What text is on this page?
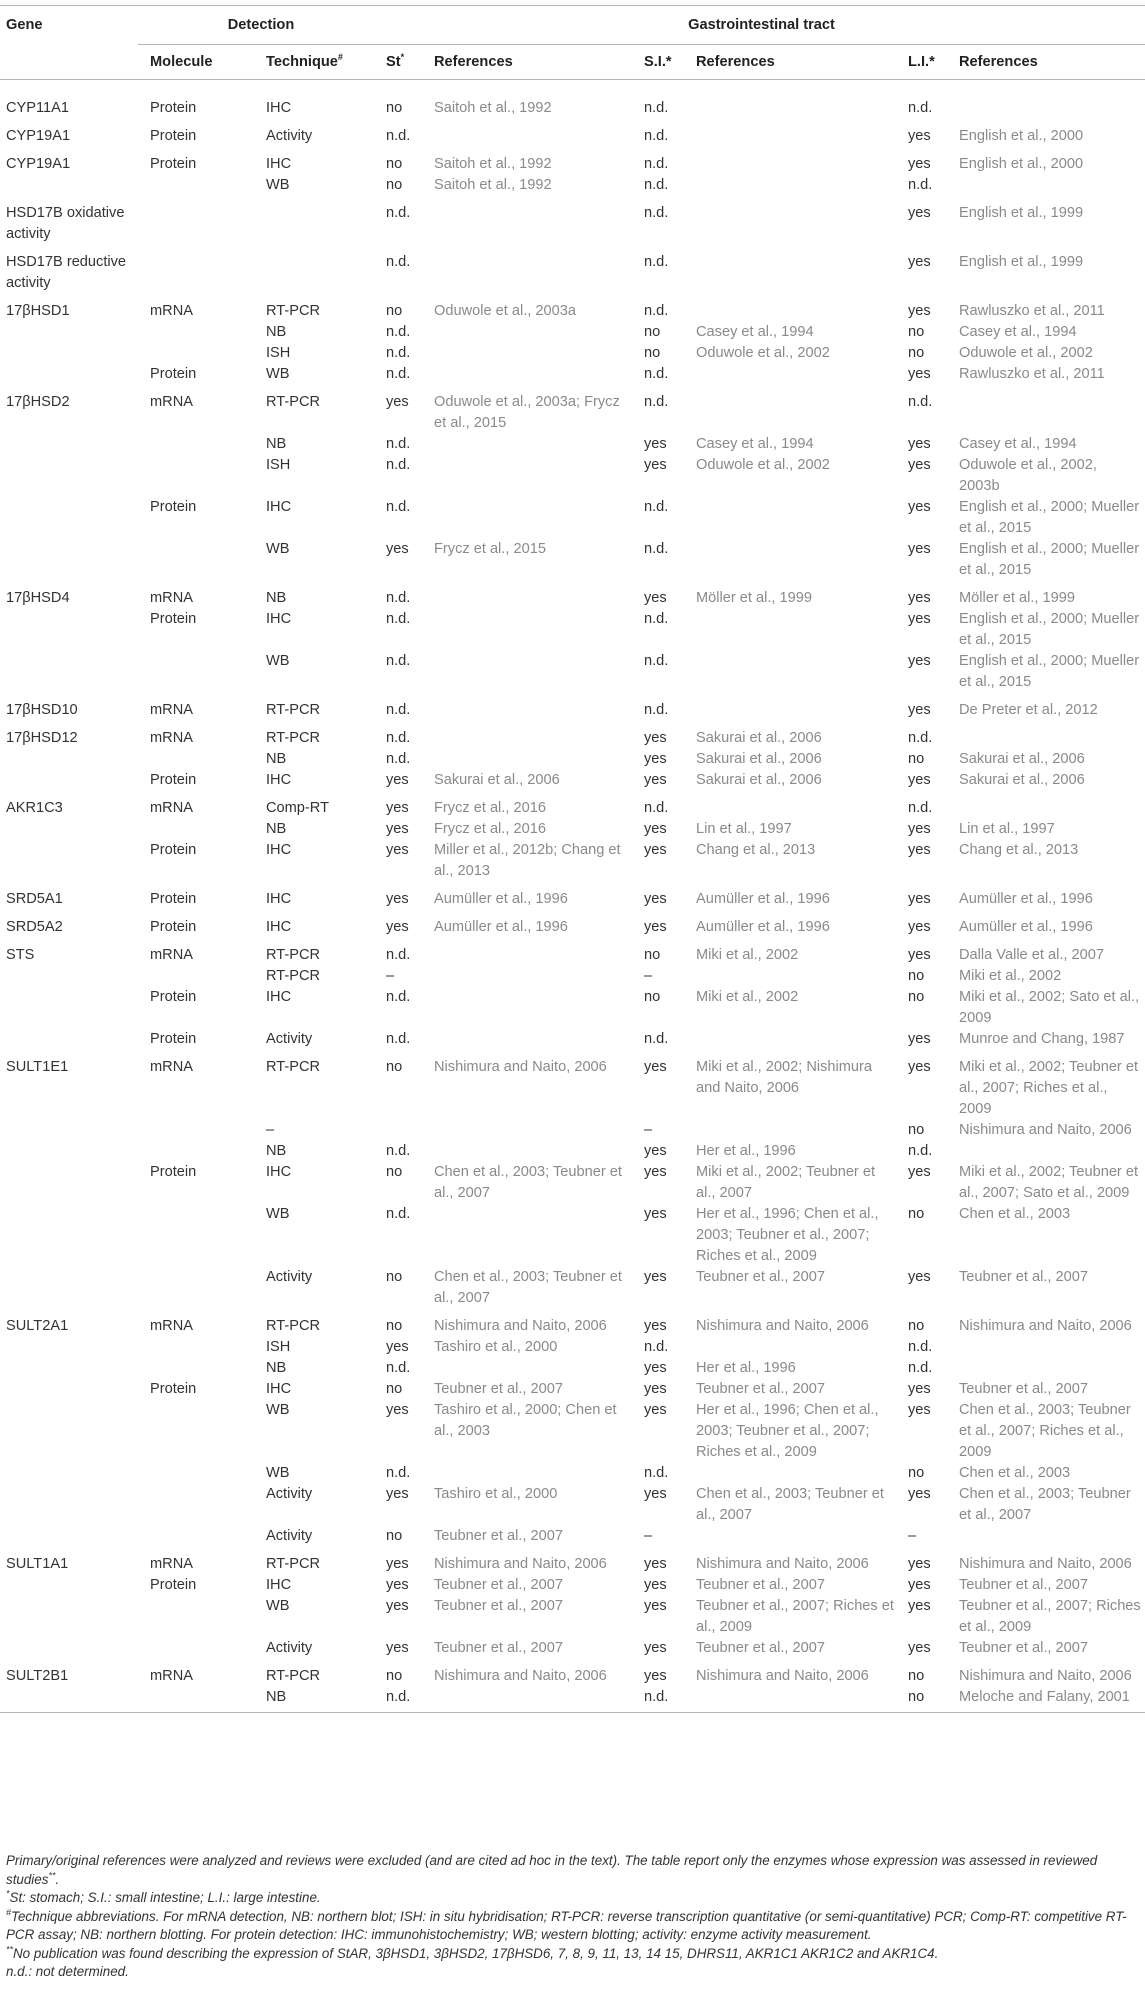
Gene	Detection		Gastrointestinal tract					

	Molecule	Technique#	St*	References	S.I.*	References	L.I.*	References
CYP11A1	Protein	IHC	no	Saitoh et al., 1992	n.d.		n.d.	
CYP19A1	Protein	Activity	n.d.		n.d.		yes	English et al., 2000
CYP19A1	Protein	IHC	no	Saitoh et al., 1992	n.d.		yes	English et al., 2000
		WB	no	Saitoh et al., 1992	n.d.		n.d.	
HSD17B oxidative activity			n.d.		n.d.		yes	English et al., 1999
HSD17B reductive activity			n.d.		n.d.		yes	English et al., 1999
17βHSD1	mRNA	RT-PCR	no	Oduwole et al., 2003a	n.d.		yes	Rawluszko et al., 2011
		NB	n.d.		no	Casey et al., 1994	no	Casey et al., 1994
		ISH	n.d.		no	Oduwole et al., 2002	no	Oduwole et al., 2002
	Protein	WB	n.d.		n.d.		yes	Rawluszko et al., 2011
17βHSD2	mRNA	RT-PCR	yes	Oduwole et al., 2003a; Frycz et al., 2015	n.d.		n.d.	
		NB	n.d.		yes	Casey et al., 1994	yes	Casey et al., 1994
		ISH	n.d.		yes	Oduwole et al., 2002	yes	Oduwole et al., 2002, 2003b
	Protein	IHC	n.d.		n.d.		yes	English et al., 2000; Mueller et al., 2015
		WB	yes	Frycz et al., 2015	n.d.		yes	English et al., 2000; Mueller et al., 2015
17βHSD4	mRNA	NB	n.d.		yes	Möller et al., 1999	yes	Möller et al., 1999
	Protein	IHC	n.d.		n.d.		yes	English et al., 2000; Mueller et al., 2015
		WB	n.d.		n.d.		yes	English et al., 2000; Mueller et al., 2015
17βHSD10	mRNA	RT-PCR	n.d.		n.d.		yes	De Preter et al., 2012
17βHSD12	mRNA	RT-PCR	n.d.		yes	Sakurai et al., 2006	n.d.	
		NB	n.d.		yes	Sakurai et al., 2006	no	Sakurai et al., 2006
	Protein	IHC	yes	Sakurai et al., 2006	yes	Sakurai et al., 2006	yes	Sakurai et al., 2006
AKR1C3	mRNA	Comp-RT	yes	Frycz et al., 2016	n.d.		n.d.	
		NB	yes	Frycz et al., 2016	yes	Lin et al., 1997	yes	Lin et al., 1997
	Protein	IHC	yes	Miller et al., 2012b; Chang et al., 2013	yes	Chang et al., 2013	yes	Chang et al., 2013
SRD5A1	Protein	IHC	yes	Aumüller et al., 1996	yes	Aumüller et al., 1996	yes	Aumüller et al., 1996
SRD5A2	Protein	IHC	yes	Aumüller et al., 1996	yes	Aumüller et al., 1996	yes	Aumüller et al., 1996
STS	mRNA	RT-PCR	n.d.		no	Miki et al., 2002	yes	Dalla Valle et al., 2007
		RT-PCR	–		–		no	Miki et al., 2002
	Protein	IHC	n.d.		no	Miki et al., 2002	no	Miki et al., 2002; Sato et al., 2009
	Protein	Activity	n.d.		n.d.		yes	Munroe and Chang, 1987
SULT1E1	mRNA	RT-PCR	no	Nishimura and Naito, 2006	yes	Miki et al., 2002; Nishimura and Naito, 2006	yes	Miki et al., 2002; Teubner et al., 2007; Riches et al., 2009
		–			–		no	Nishimura and Naito, 2006
		NB	n.d.		yes	Her et al., 1996	n.d.	
	Protein	IHC	no	Chen et al., 2003; Teubner et al., 2007	yes	Miki et al., 2002; Teubner et al., 2007	yes	Miki et al., 2002; Teubner et al., 2007; Sato et al., 2009
		WB	n.d.		yes	Her et al., 1996; Chen et al., 2003; Teubner et al., 2007; Riches et al., 2009	no	Chen et al., 2003
		Activity	no	Chen et al., 2003; Teubner et al., 2007	yes	Teubner et al., 2007	yes	Teubner et al., 2007
SULT2A1	mRNA	RT-PCR	no	Nishimura and Naito, 2006	yes	Nishimura and Naito, 2006	no	Nishimura and Naito, 2006
		ISH	yes	Tashiro et al., 2000	n.d.		n.d.	
		NB	n.d.		yes	Her et al., 1996	n.d.	
	Protein	IHC	no	Teubner et al., 2007	yes	Teubner et al., 2007	yes	Teubner et al., 2007
		WB	yes	Tashiro et al., 2000; Chen et al., 2003	yes	Her et al., 1996; Chen et al., 2003; Teubner et al., 2007; Riches et al., 2009	yes	Chen et al., 2003; Teubner et al., 2007; Riches et al., 2009
		WB	n.d.		n.d.		no	Chen et al., 2003
		Activity	yes	Tashiro et al., 2000	yes	Chen et al., 2003; Teubner et al., 2007	yes	Chen et al., 2003; Teubner et al., 2007
		Activity	no	Teubner et al., 2007	–		–	
SULT1A1	mRNA	RT-PCR	yes	Nishimura and Naito, 2006	yes	Nishimura and Naito, 2006	yes	Nishimura and Naito, 2006
	Protein	IHC	yes	Teubner et al., 2007	yes	Teubner et al., 2007	yes	Teubner et al., 2007
		WB	yes	Teubner et al., 2007	yes	Teubner et al., 2007; Riches et al., 2009	yes	Teubner et al., 2007; Riches et al., 2009
		Activity	yes	Teubner et al., 2007	yes	Teubner et al., 2007	yes	Teubner et al., 2007
SULT2B1	mRNA	RT-PCR	no	Nishimura and Naito, 2006	yes	Nishimura and Naito, 2006	no	Nishimura and Naito, 2006
		NB	n.d.		n.d.		no	Meloche and Falany, 2001

Primary/original references were analyzed and reviews were excluded (and are cited ad hoc in the text). The table report only the enzymes whose expression was assessed in reviewed studies**.

*St: stomach; S.I.: small intestine; L.I.: large intestine.

#Technique abbreviations. For mRNA detection, NB: northern blot; ISH: in situ hybridisation; RT-PCR: reverse transcription quantitative (or semi-quantitative) PCR; Comp-RT: competitive RT-PCR assay; NB: northern blotting. For protein detection: IHC: immunohistochemistry; WB; western blotting; activity: enzyme activity measurement.

**No publication was found describing the expression of StAR, 3βHSD1, 3βHSD2, 17βHSD6, 7, 8, 9, 11, 13, 14 15, DHRS11, AKR1C1 AKR1C2 and AKR1C4.

n.d.: not determined.
